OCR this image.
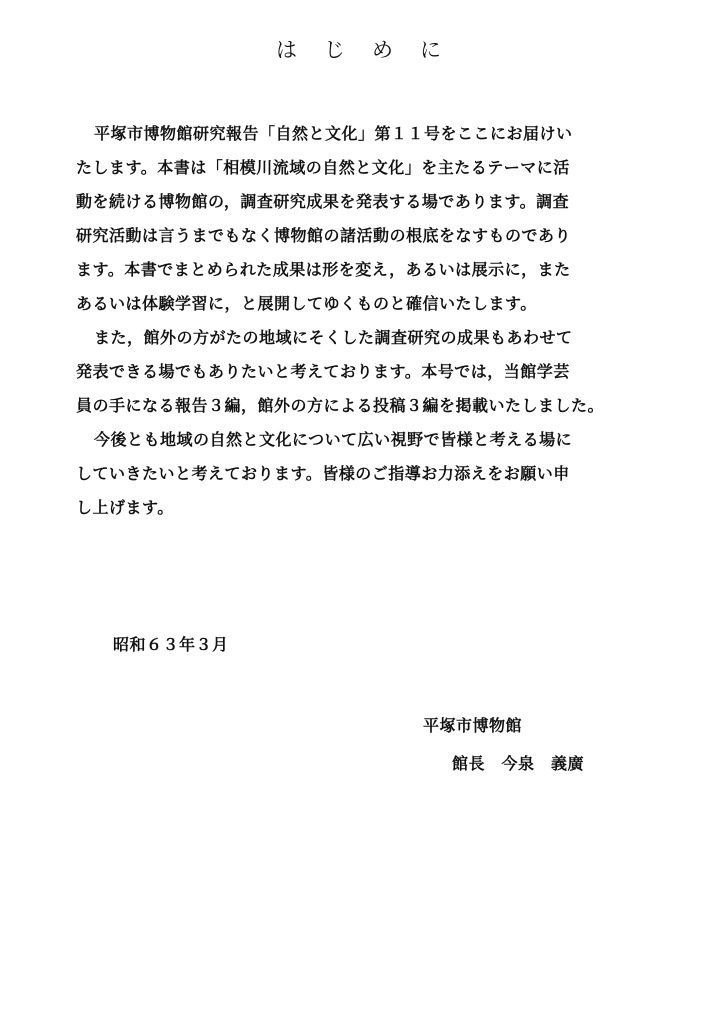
は　じ　め　に
平塚市博物館研究報告「自然と文化」第１１号をここにお届けい
たします。本書は「相模川流域の自然と文化」を主たるテーマに活
動を続ける博物館の，調査研究成果を発表する場であります。調査
研究活動は言うまでもなく博物館の諸活動の根底をなすものであり
ます。本書でまとめられた成果は形を変え，あるいは展示に，また
あるいは体験学習に，と展開してゆくものと確信いたします。
また，館外の方がたの地域にそくした調査研究の成果もあわせて
発表できる場でもありたいと考えております。本号では，当館学芸
員の手になる報告３編，館外の方による投稿３編を掲載いたしました。
今後とも地域の自然と文化について広い視野で皆様と考える場に
していきたいと考えております。皆様のご指導お力添えをお願い申
し上げます。
昭和６３年３月
平塚市博物館
館長　今泉　義廣
